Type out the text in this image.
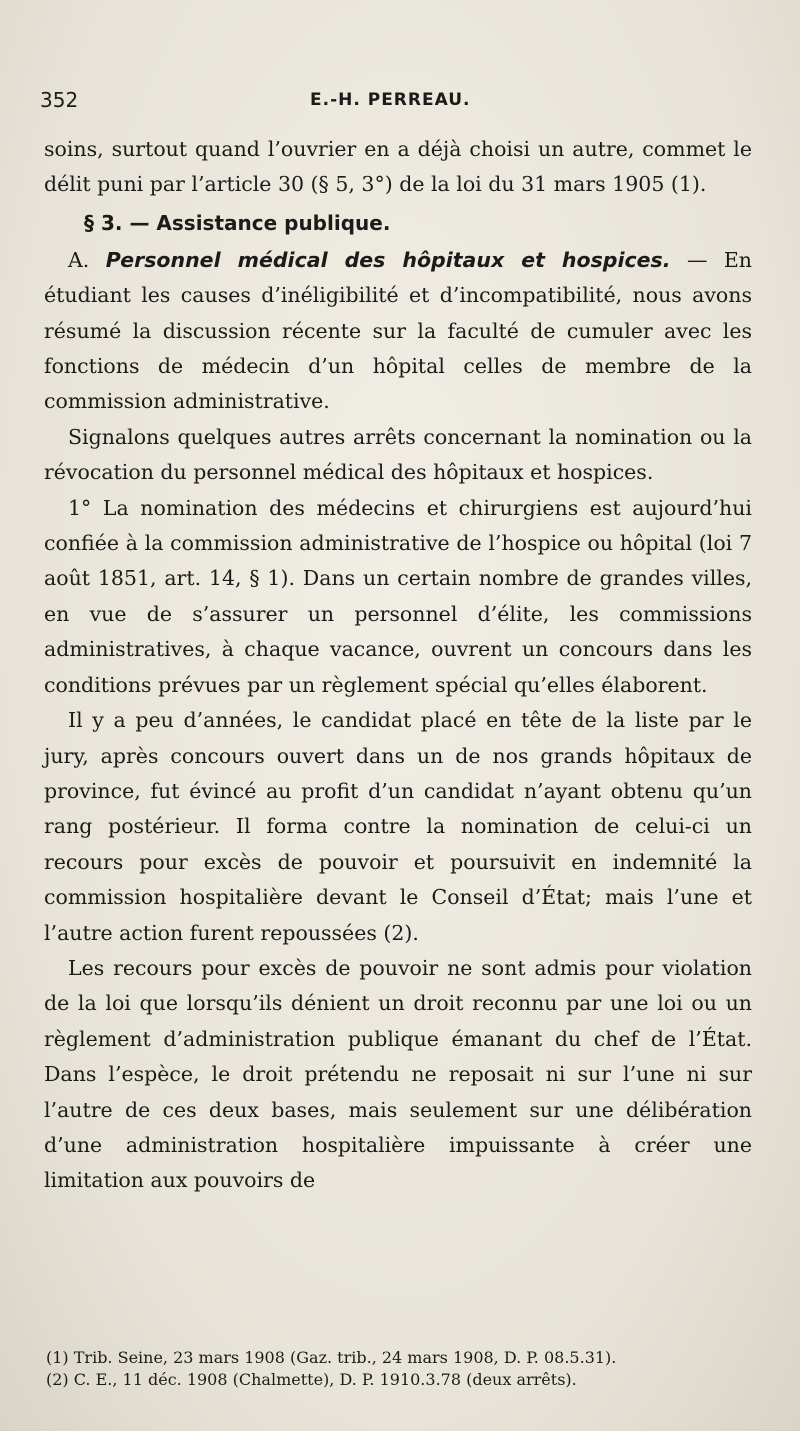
352	E.-H. PERREAU.

soins, surtout quand l’ouvrier en a déjà choisi un autre, commet le délit puni par l’article 30 (§ 5, 3°) de la loi du 31 mars 1905 (1).

§ 3. — Assistance publique.

A. Personnel médical des hôpitaux et hospices. — En étudiant les causes d’inéligibilité et d’incompatibilité, nous avons résumé la discussion récente sur la faculté de cumuler avec les fonctions de médecin d’un hôpital celles de membre de la commission administrative.

Signalons quelques autres arrêts concernant la nomination ou la révocation du personnel médical des hôpitaux et hospices.

1° La nomination des médecins et chirurgiens est aujourd’hui confiée à la commission administrative de l’hospice ou hôpital (loi 7 août 1851, art. 14, § 1). Dans un certain nombre de grandes villes, en vue de s’assurer un personnel d’élite, les commissions administratives, à chaque vacance, ouvrent un concours dans les conditions prévues par un règlement spécial qu’elles élaborent.

Il y a peu d’années, le candidat placé en tête de la liste par le jury, après concours ouvert dans un de nos grands hôpitaux de province, fut évincé au profit d’un candidat n’ayant obtenu qu’un rang postérieur. Il forma contre la nomination de celui-ci un recours pour excès de pouvoir et poursuivit en indemnité la commission hospitalière devant le Conseil d’État; mais l’une et l’autre action furent repoussées (2).

Les recours pour excès de pouvoir ne sont admis pour violation de la loi que lorsqu’ils dénient un droit reconnu par une loi ou un règlement d’administration publique émanant du chef de l’État. Dans l’espèce, le droit prétendu ne reposait ni sur l’une ni sur l’autre de ces deux bases, mais seulement sur une délibération d’une administration hospitalière impuissante à créer une limitation aux pouvoirs de

(1) Trib. Seine, 23 mars 1908 (Gaz. trib., 24 mars 1908, D. P. 08.5.31).

(2) C. E., 11 déc. 1908 (Chalmette), D. P. 1910.3.78 (deux arrêts).
